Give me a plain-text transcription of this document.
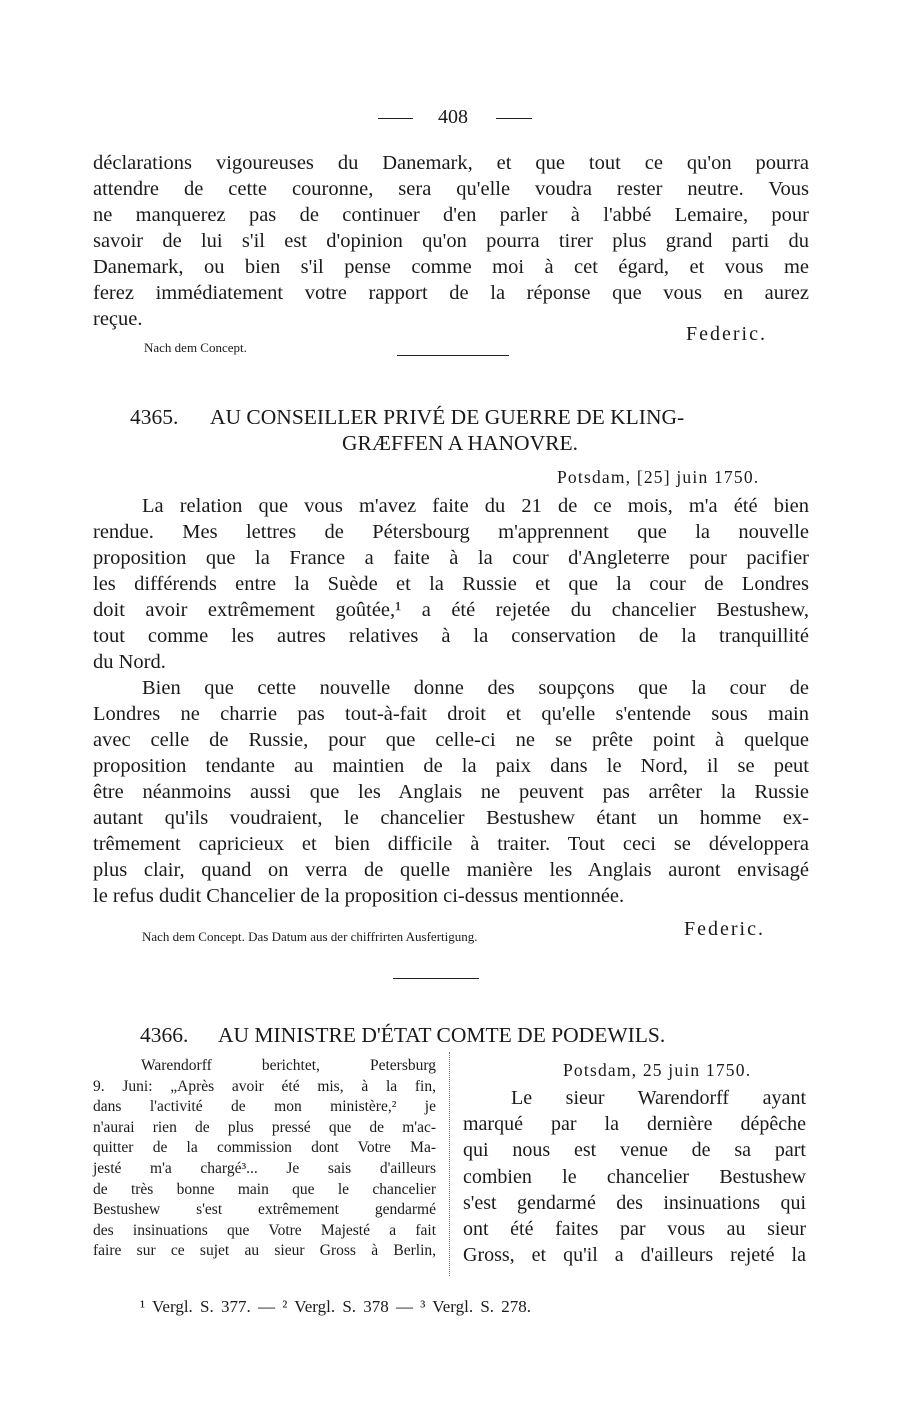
408
déclarations vigoureuses du Danemark, et que tout ce qu'on pourra
attendre de cette couronne, sera qu'elle voudra rester neutre. Vous
ne manquerez pas de continuer d'en parler à l'abbé Lemaire, pour
savoir de lui s'il est d'opinion qu'on pourra tirer plus grand parti du
Danemark, ou bien s'il pense comme moi à cet égard, et vous me
ferez immédiatement votre rapport de la réponse que vous en aurez
reçue.
Federic.
Nach dem Concept.
4365. AU CONSEILLER PRIVÉ DE GUERRE DE KLING-
GRÆFFEN A HANOVRE.
Potsdam, [25] juin 1750.
La relation que vous m'avez faite du 21 de ce mois, m'a été bien
rendue. Mes lettres de Pétersbourg m'apprennent que la nouvelle
proposition que la France a faite à la cour d'Angleterre pour pacifier
les différends entre la Suède et la Russie et que la cour de Londres
doit avoir extrêmement goûtée,¹ a été rejetée du chancelier Bestushew,
tout comme les autres relatives à la conservation de la tranquillité
du Nord.
Bien que cette nouvelle donne des soupçons que la cour de
Londres ne charrie pas tout-à-fait droit et qu'elle s'entende sous main
avec celle de Russie, pour que celle-ci ne se prête point à quelque
proposition tendante au maintien de la paix dans le Nord, il se peut
être néanmoins aussi que les Anglais ne peuvent pas arrêter la Russie
autant qu'ils voudraient, le chancelier Bestushew étant un homme ex-
trêmement capricieux et bien difficile à traiter. Tout ceci se développera
plus clair, quand on verra de quelle manière les Anglais auront envisagé
le refus dudit Chancelier de la proposition ci-dessus mentionnée.
Nach dem Concept. Das Datum aus der chiffrirten Ausfertigung.	Federic.
4366. AU MINISTRE D'ÉTAT COMTE DE PODEWILS.
Warendorff berichtet, Petersburg
9. Juni: „Après avoir été mis, à la fin,
dans l'activité de mon ministère,² je
n'aurai rien de plus pressé que de m'ac-
quitter de la commission dont Votre Ma-
jesté m'a chargé³... Je sais d'ailleurs
de très bonne main que le chancelier
Bestushew s'est extrêmement gendarmé
des insinuations que Votre Majesté a fait
faire sur ce sujet au sieur Gross à Berlin,
Potsdam, 25 juin 1750.
Le sieur Warendorff ayant
marqué par la dernière dépêche
qui nous est venue de sa part
combien le chancelier Bestushew
s'est gendarmé des insinuations qui
ont été faites par vous au sieur
Gross, et qu'il a d'ailleurs rejeté la
¹ Vergl. S. 377. — ² Vergl. S. 378 — ³ Vergl. S. 278.
